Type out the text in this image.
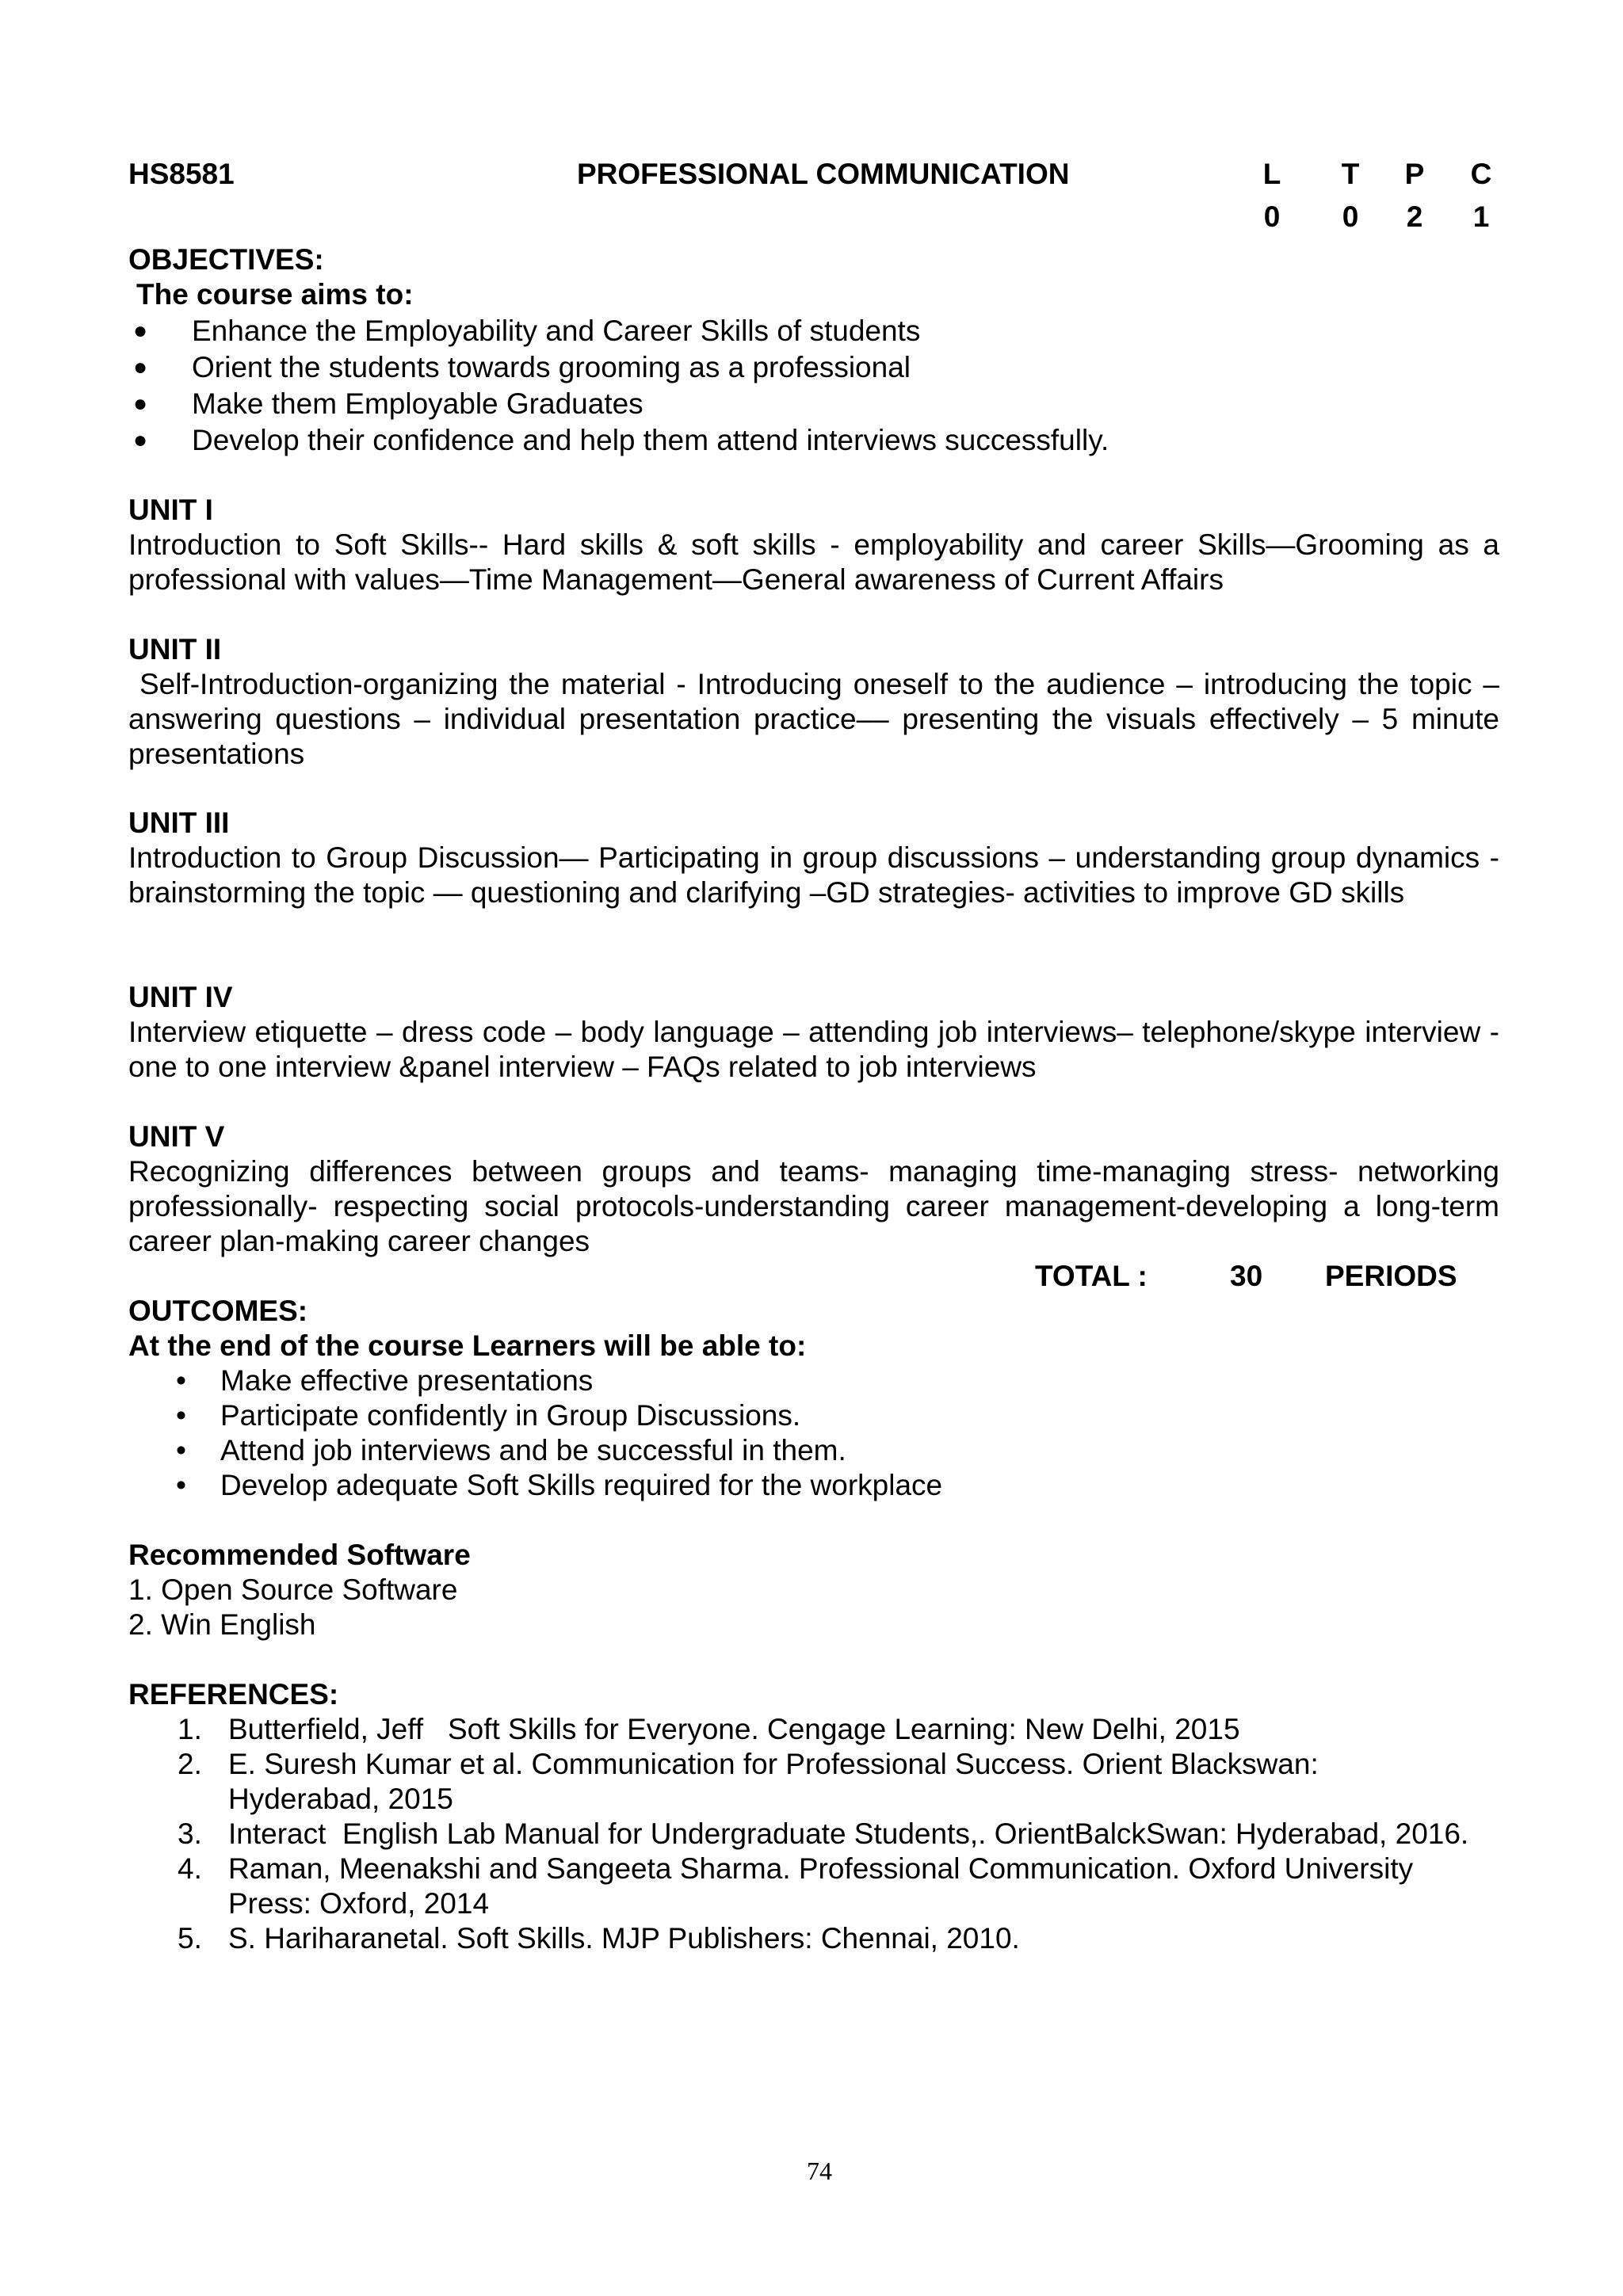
HS8581	PROFESSIONAL COMMUNICATION	L T P C
0 0 2 1
OBJECTIVES:
The course aims to:
● Enhance the Employability and Career Skills of students
● Orient the students towards grooming as a professional
● Make them Employable Graduates
● Develop their confidence and help them attend interviews successfully.
UNIT I
Introduction to Soft Skills-- Hard skills & soft skills - employability and career Skills—Grooming as a professional with values—Time Management—General awareness of Current Affairs
UNIT II
Self-Introduction-organizing the material - Introducing oneself to the audience – introducing the topic – answering questions – individual presentation practice–– presenting the visuals effectively – 5 minute presentations
UNIT III
Introduction to Group Discussion— Participating in group discussions – understanding group dynamics - brainstorming the topic — questioning and clarifying –GD strategies- activities to improve GD skills
UNIT IV
Interview etiquette – dress code – body language – attending job interviews– telephone/skype interview -one to one interview &panel interview – FAQs related to job interviews
UNIT V
Recognizing differences between groups and teams- managing time-managing stress- networking professionally- respecting social protocols-understanding career management-developing a long-term career plan-making career changes
TOTAL :	30 PERIODS
OUTCOMES:
At the end of the course Learners will be able to:
• Make effective presentations
• Participate confidently in Group Discussions.
• Attend job interviews and be successful in them.
• Develop adequate Soft Skills required for the workplace
Recommended Software
1. Open Source Software
2. Win English
REFERENCES:
1. Butterfield, Jeff   Soft Skills for Everyone. Cengage Learning: New Delhi, 2015
2. E. Suresh Kumar et al. Communication for Professional Success. Orient Blackswan:
Hyderabad, 2015
3. Interact  English Lab Manual for Undergraduate Students,. OrientBalckSwan: Hyderabad, 2016.
4. Raman, Meenakshi and Sangeeta Sharma. Professional Communication. Oxford University
Press: Oxford, 2014
5. S. Hariharanetal. Soft Skills. MJP Publishers: Chennai, 2010.
74
